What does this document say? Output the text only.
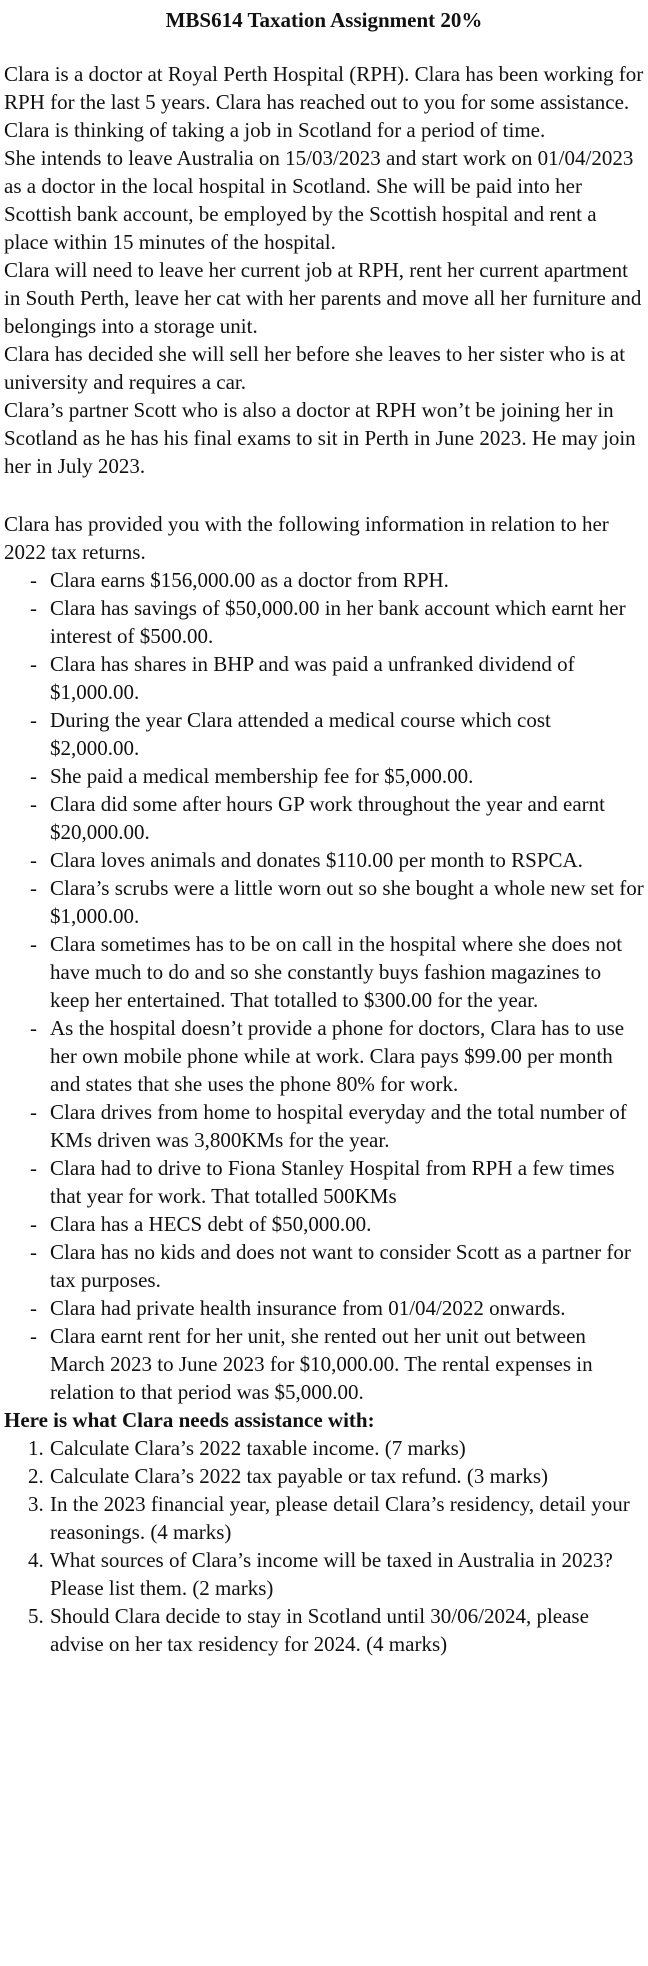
MBS614 Taxation Assignment 20%

Clara is a doctor at Royal Perth Hospital (RPH). Clara has been working for RPH for the last 5 years. Clara has reached out to you for some assistance. Clara is thinking of taking a job in Scotland for a period of time.

She intends to leave Australia on 15/03/2023 and start work on 01/04/2023 as a doctor in the local hospital in Scotland. She will be paid into her Scottish bank account, be employed by the Scottish hospital and rent a place within 15 minutes of the hospital.

Clara will need to leave her current job at RPH, rent her current apartment in South Perth, leave her cat with her parents and move all her furniture and belongings into a storage unit.

Clara has decided she will sell her before she leaves to her sister who is at university and requires a car.

Clara’s partner Scott who is also a doctor at RPH won’t be joining her in Scotland as he has his final exams to sit in Perth in June 2023. He may join her in July 2023.

Clara has provided you with the following information in relation to her 2022 tax returns.

- Clara earns $156,000.00 as a doctor from RPH.
- Clara has savings of $50,000.00 in her bank account which earnt her interest of $500.00.
- Clara has shares in BHP and was paid a unfranked dividend of $1,000.00.
- During the year Clara attended a medical course which cost $2,000.00.
- She paid a medical membership fee for $5,000.00.
- Clara did some after hours GP work throughout the year and earnt $20,000.00.
- Clara loves animals and donates $110.00 per month to RSPCA.
- Clara’s scrubs were a little worn out so she bought a whole new set for $1,000.00.
- Clara sometimes has to be on call in the hospital where she does not have much to do and so she constantly buys fashion magazines to keep her entertained. That totalled to $300.00 for the year.
- As the hospital doesn’t provide a phone for doctors, Clara has to use her own mobile phone while at work. Clara pays $99.00 per month and states that she uses the phone 80% for work.
- Clara drives from home to hospital everyday and the total number of KMs driven was 3,800KMs for the year.
- Clara had to drive to Fiona Stanley Hospital from RPH a few times that year for work. That totalled 500KMs
- Clara has a HECS debt of $50,000.00.
- Clara has no kids and does not want to consider Scott as a partner for tax purposes.
- Clara had private health insurance from 01/04/2022 onwards.
- Clara earnt rent for her unit, she rented out her unit out between March 2023 to June 2023 for $10,000.00. The rental expenses in relation to that period was $5,000.00.
Here is what Clara needs assistance with:
1. Calculate Clara’s 2022 taxable income. (7 marks)
2. Calculate Clara’s 2022 tax payable or tax refund. (3 marks)
3. In the 2023 financial year, please detail Clara’s residency, detail your reasonings. (4 marks)
4. What sources of Clara’s income will be taxed in Australia in 2023? Please list them. (2 marks)
5. Should Clara decide to stay in Scotland until 30/06/2024, please advise on her tax residency for 2024. (4 marks)
